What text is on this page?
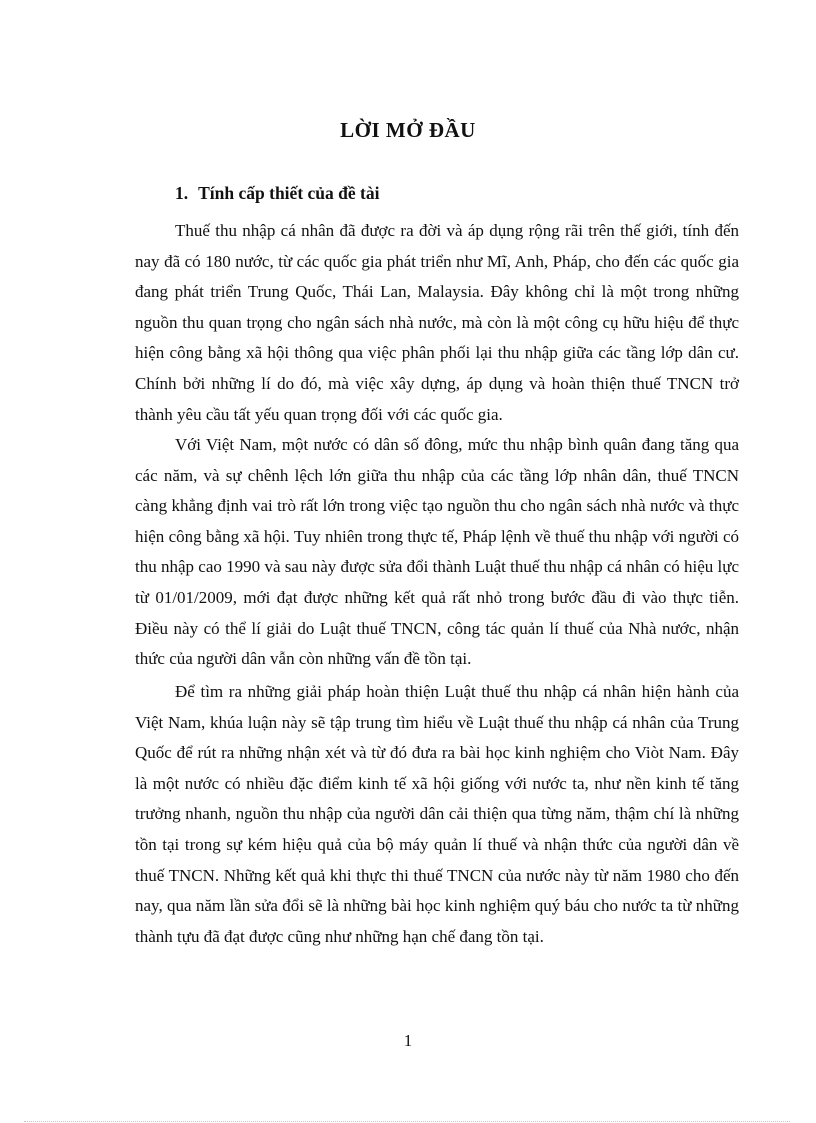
LỜI MỞ ĐẦU
1. Tính cấp thiết của đề tài

Thuế thu nhập cá nhân đã được ra đời và áp dụng rộng rãi trên thế giới, tính đến nay đã có 180 nước, từ các quốc gia phát triển như Mĩ, Anh, Pháp, cho đến các quốc gia đang phát triển Trung Quốc, Thái Lan, Malaysia. Đây không chỉ là một trong những nguồn thu quan trọng cho ngân sách nhà nước, mà còn là một công cụ hữu hiệu để thực hiện công bằng xã hội thông qua việc phân phối lại thu nhập giữa các tầng lớp dân cư. Chính bởi những lí do đó, mà việc xây dựng, áp dụng và hoàn thiện thuế TNCN trở thành yêu cầu tất yếu quan trọng đối với các quốc gia.

Với Việt Nam, một nước có dân số đông, mức thu nhập bình quân đang tăng qua các năm, và sự chênh lệch lớn giữa thu nhập của các tầng lớp nhân dân, thuế TNCN càng khẳng định vai trò rất lớn trong việc tạo nguồn thu cho ngân sách nhà nước và thực hiện công bằng xã hội. Tuy nhiên trong thực tế, Pháp lệnh về thuế thu nhập với người có thu nhập cao 1990 và sau này được sửa đổi thành Luật thuế thu nhập cá nhân có hiệu lực từ 01/01/2009, mới đạt được những kết quả rất nhỏ trong bước đầu đi vào thực tiễn. Điều này có thể lí giải do Luật thuế TNCN, công tác quản lí thuế của Nhà nước, nhận thức của người dân vẫn còn những vấn đề tồn tại.

Để tìm ra những giải pháp hoàn thiện Luật thuế thu nhập cá nhân hiện hành của Việt Nam, khúa luận này sẽ tập trung tìm hiểu về Luật thuế thu nhập cá nhân của Trung Quốc để rút ra những nhận xét và từ đó đưa ra bài học kinh nghiệm cho Viòt Nam. Đây là một nước có nhiều đặc điểm kinh tế xã hội giống với nước ta, như nền kinh tế tăng trưởng nhanh, nguồn thu nhập của người dân cải thiện qua từng năm, thậm chí là những tồn tại trong sự kém hiệu quả của bộ máy quản lí thuế và nhận thức của người dân về thuế TNCN. Những kết quả khi thực thi thuế TNCN của nước này từ năm 1980 cho đến nay, qua năm lần sửa đổi sẽ là những bài học kinh nghiệm quý báu cho nước ta từ những thành tựu đã đạt được cũng như những hạn chế đang tồn tại.

1
